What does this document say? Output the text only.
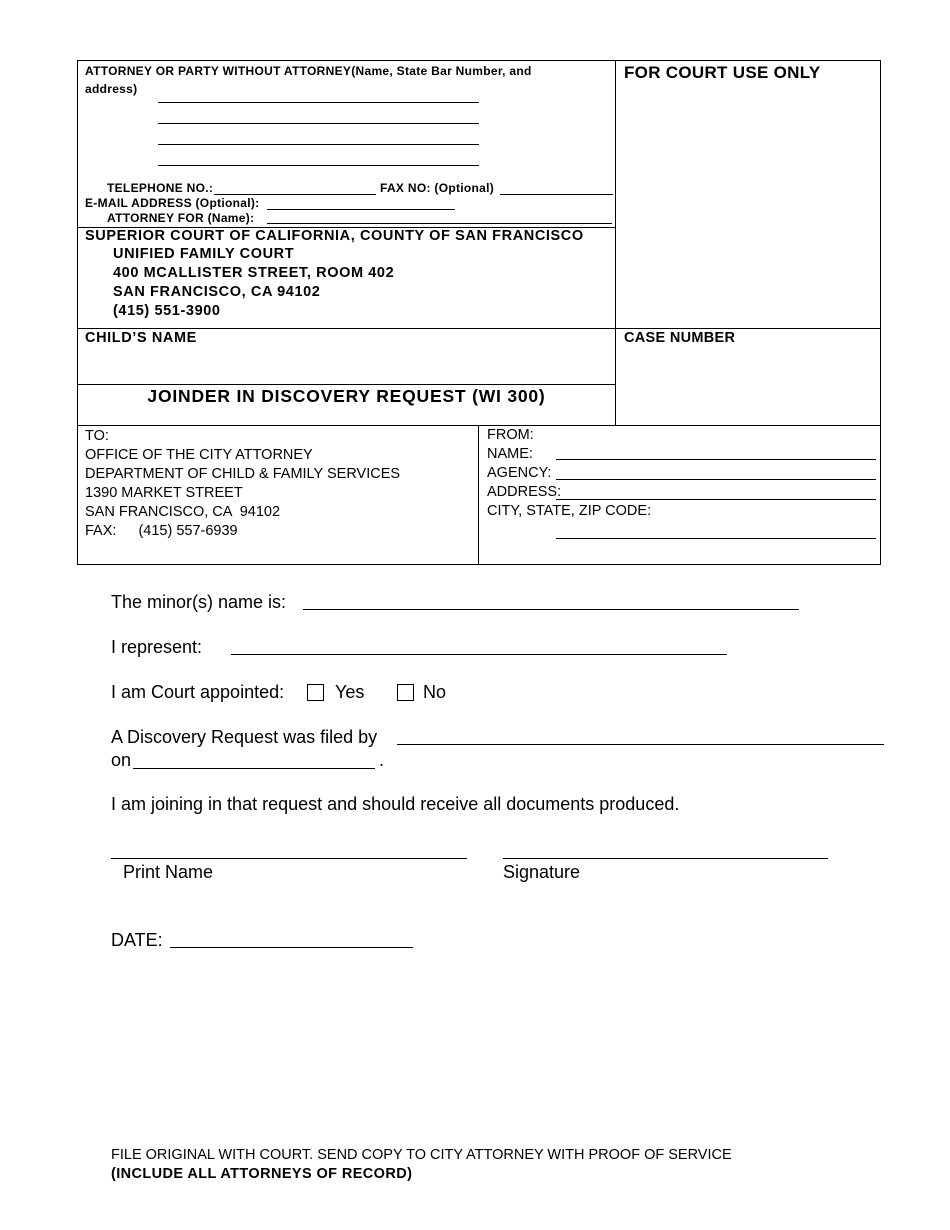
ATTORNEY OR PARTY WITHOUT ATTORNEY(Name, State Bar Number, and
address)
TELEPHONE NO.:	FAX NO: (Optional)
E-MAIL ADDRESS (Optional):
ATTORNEY FOR (Name):
FOR COURT USE ONLY
SUPERIOR COURT OF CALIFORNIA, COUNTY OF SAN FRANCISCO
UNIFIED FAMILY COURT
400 MCALLISTER STREET, ROOM 402
SAN FRANCISCO, CA 94102
(415) 551-3900
CHILD’S NAME	CASE NUMBER
JOINDER IN DISCOVERY REQUEST (WI 300)
TO:
OFFICE OF THE CITY ATTORNEY
DEPARTMENT OF CHILD & FAMILY SERVICES
1390 MARKET STREET
SAN FRANCISCO, CA  94102
FAX: (415) 557-6939
FROM:
NAME:
AGENCY:
ADDRESS:
CITY, STATE, ZIP CODE:
The minor(s) name is:
I represent:
I am Court appointed:	Yes	No
A Discovery Request was filed by
on	.
I am joining in that request and should receive all documents produced.
Print Name	Signature
DATE:
FILE ORIGINAL WITH COURT. SEND COPY TO CITY ATTORNEY WITH PROOF OF SERVICE
(INCLUDE ALL ATTORNEYS OF RECORD)
